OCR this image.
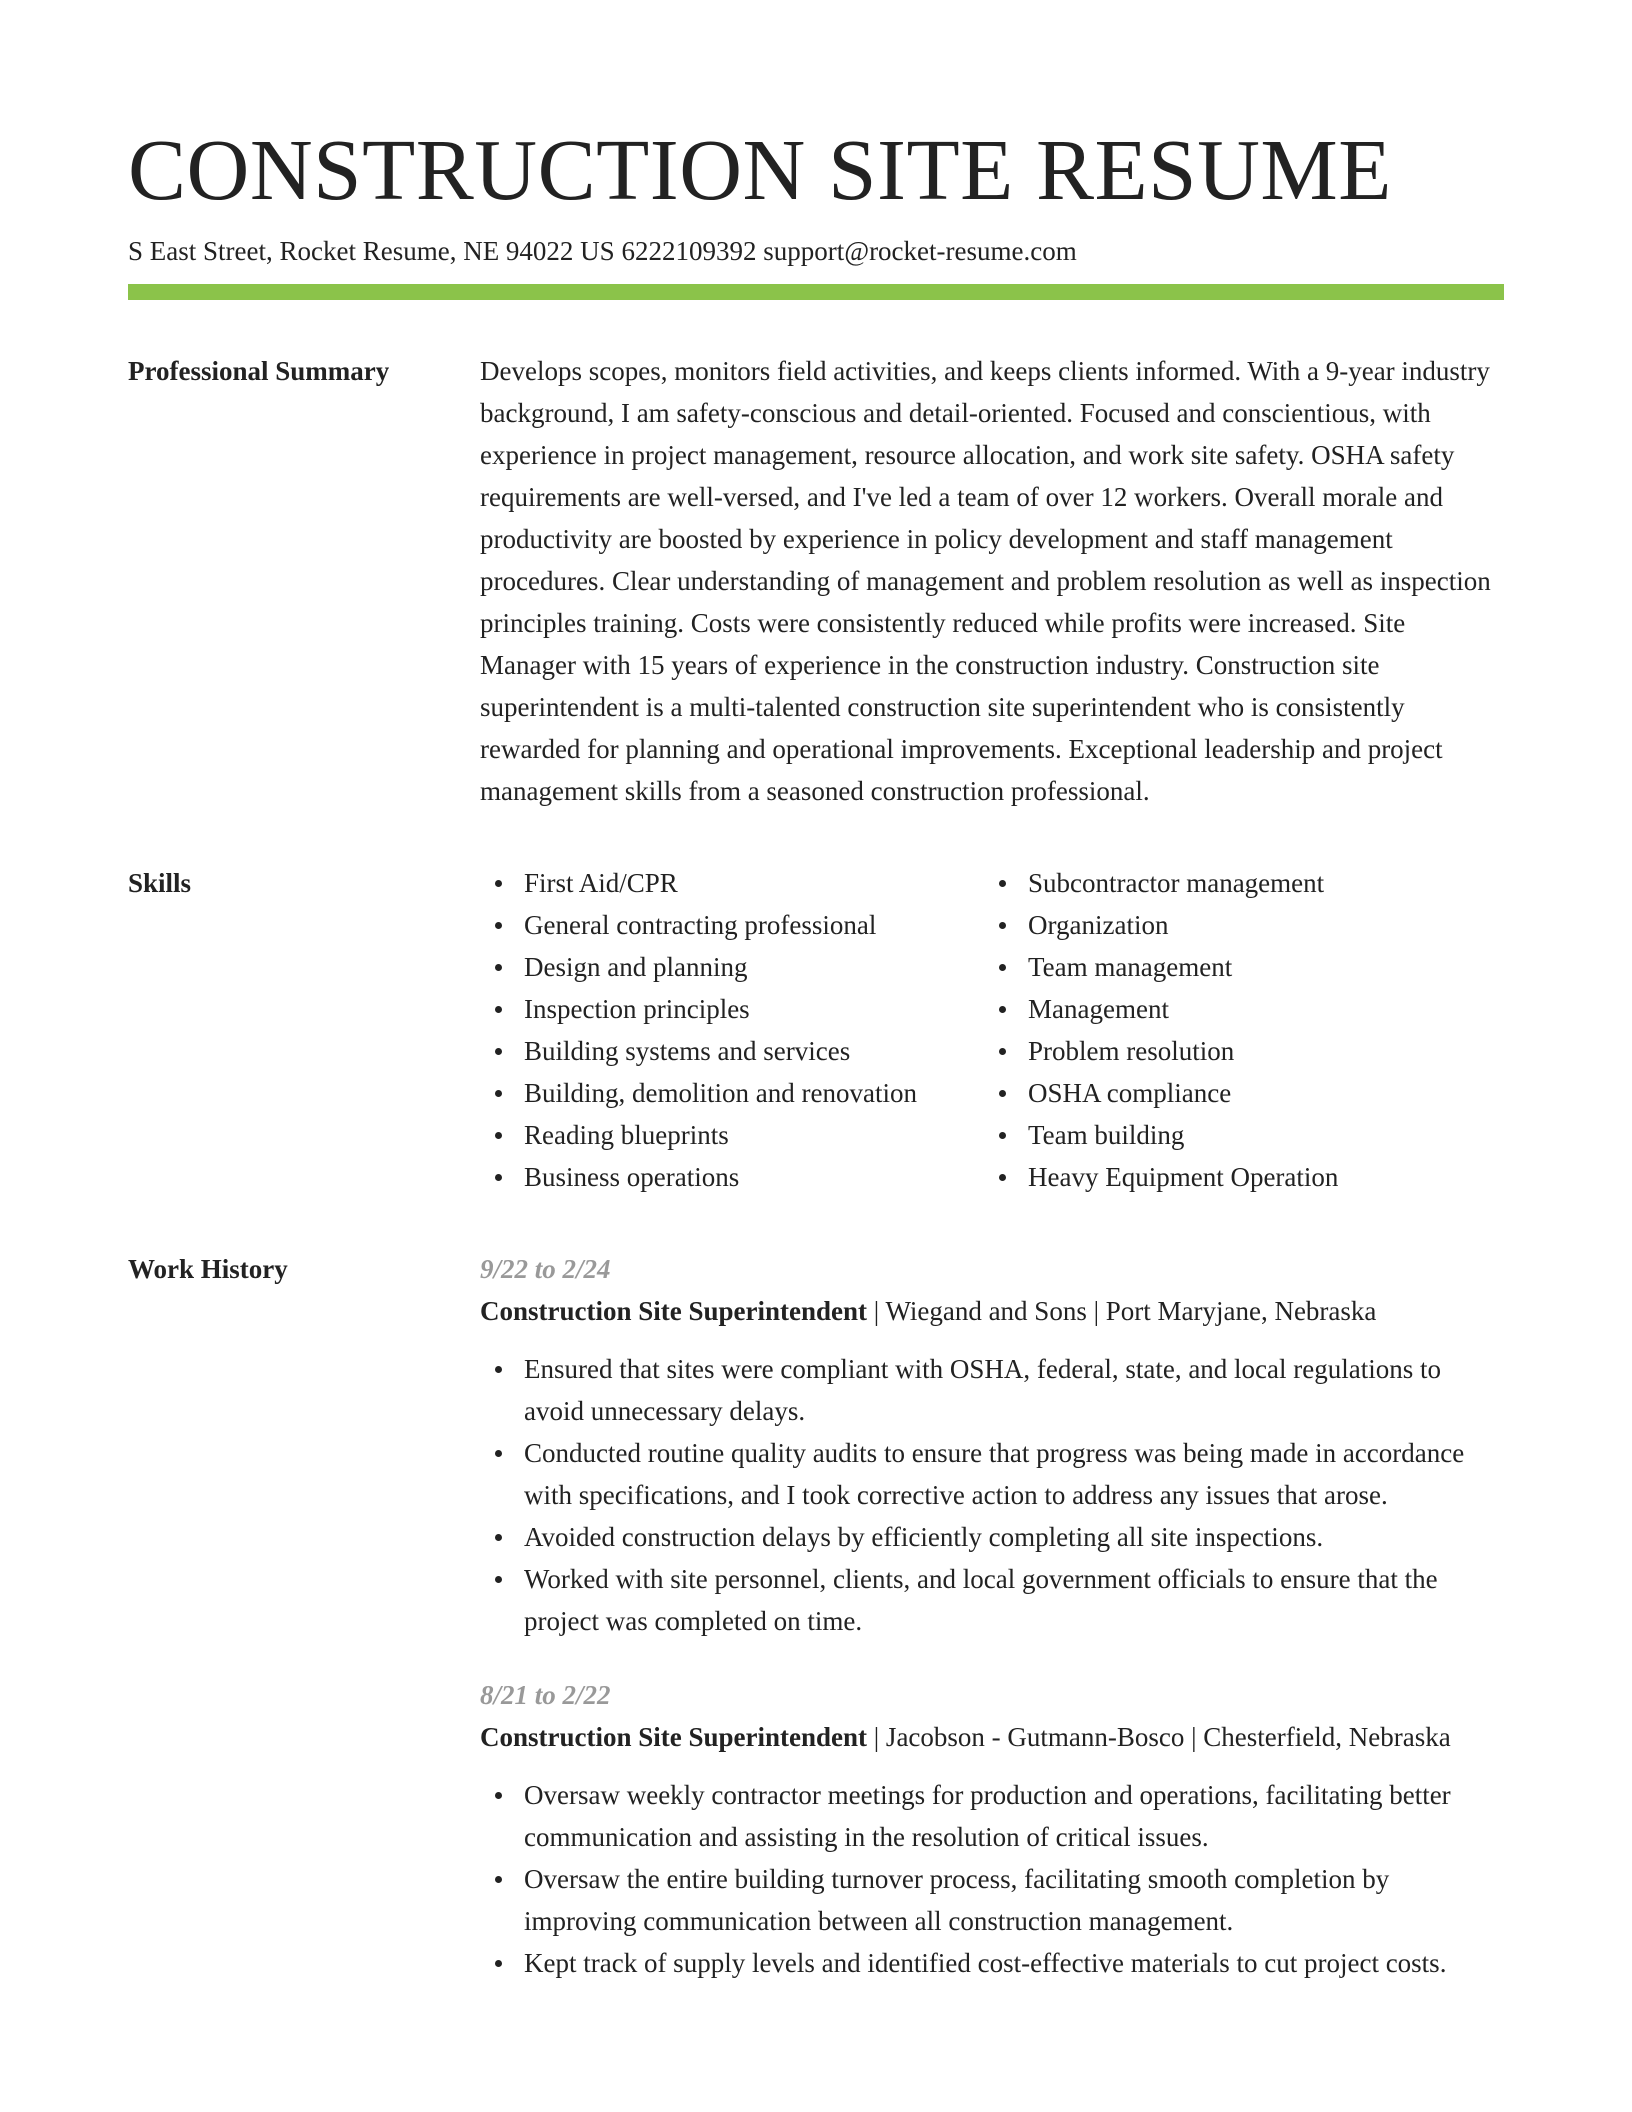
CONSTRUCTION SITE RESUME
S East Street, Rocket Resume, NE 94022 US 6222109392 support@rocket-resume.com
Professional Summary	Develops scopes, monitors field activities, and keeps clients informed. With a 9-year industry background, I am safety-conscious and detail-oriented. Focused and conscientious, with experience in project management, resource allocation, and work site safety. OSHA safety requirements are well-versed, and I've led a team of over 12 workers. Overall morale and productivity are boosted by experience in policy development and staff management procedures. Clear understanding of management and problem resolution as well as inspection principles training. Costs were consistently reduced while profits were increased. Site Manager with 15 years of experience in the construction industry. Construction site superintendent is a multi-talented construction site superintendent who is consistently rewarded for planning and operational improvements. Exceptional leadership and project management skills from a seasoned construction professional.
Skills	First Aid/CPR
General contracting professional
Design and planning
Inspection principles
Building systems and services
Building, demolition and renovation
Reading blueprints
Business operations
Subcontractor management
Organization
Team management
Management
Problem resolution
OSHA compliance
Team building
Heavy Equipment Operation
Work History	9/22 to 2/24
Construction Site Superintendent | Wiegand and Sons | Port Maryjane, Nebraska
Ensured that sites were compliant with OSHA, federal, state, and local regulations to avoid unnecessary delays.
Conducted routine quality audits to ensure that progress was being made in accordance with specifications, and I took corrective action to address any issues that arose.
Avoided construction delays by efficiently completing all site inspections.
Worked with site personnel, clients, and local government officials to ensure that the project was completed on time.
8/21 to 2/22
Construction Site Superintendent | Jacobson - Gutmann-Bosco | Chesterfield, Nebraska
Oversaw weekly contractor meetings for production and operations, facilitating better communication and assisting in the resolution of critical issues.
Oversaw the entire building turnover process, facilitating smooth completion by improving communication between all construction management.
Kept track of supply levels and identified cost-effective materials to cut project costs.
